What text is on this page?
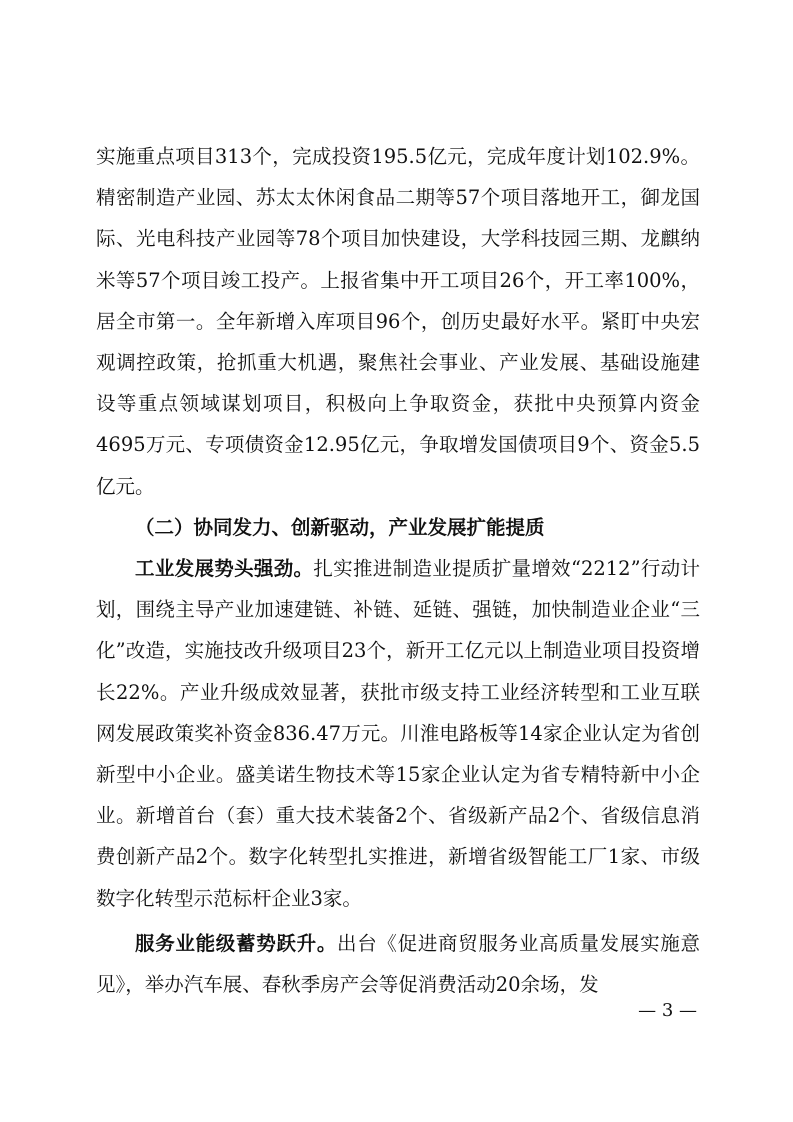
实施重点项目313个，完成投资195.5亿元，完成年度计划102.9%。精密制造产业园、苏太太休闲食品二期等57个项目落地开工，御龙国际、光电科技产业园等78个项目加快建设，大学科技园三期、龙麒纳米等57个项目竣工投产。上报省集中开工项目26个，开工率100%，居全市第一。全年新增入库项目96个，创历史最好水平。紧盯中央宏观调控政策，抢抓重大机遇，聚焦社会事业、产业发展、基础设施建设等重点领域谋划项目，积极向上争取资金，获批中央预算内资金4695万元、专项债资金12.95亿元，争取增发国债项目9个、资金5.5亿元。

（二）协同发力、创新驱动，产业发展扩能提质

工业发展势头强劲。扎实推进制造业提质扩量增效“2212”行动计划，围绕主导产业加速建链、补链、延链、强链，加快制造业企业“三化”改造，实施技改升级项目23个，新开工亿元以上制造业项目投资增长22%。产业升级成效显著，获批市级支持工业经济转型和工业互联网发展政策奖补资金836.47万元。川淮电路板等14家企业认定为省创新型中小企业。盛美诺生物技术等15家企业认定为省专精特新中小企业。新增首台（套）重大技术装备2个、省级新产品2个、省级信息消费创新产品2个。数字化转型扎实推进，新增省级智能工厂1家、市级数字化转型示范标杆企业3家。

服务业能级蓄势跃升。出台《促进商贸服务业高质量发展实施意见》，举办汽车展、春秋季房产会等促消费活动20余场，发

— 3 —
